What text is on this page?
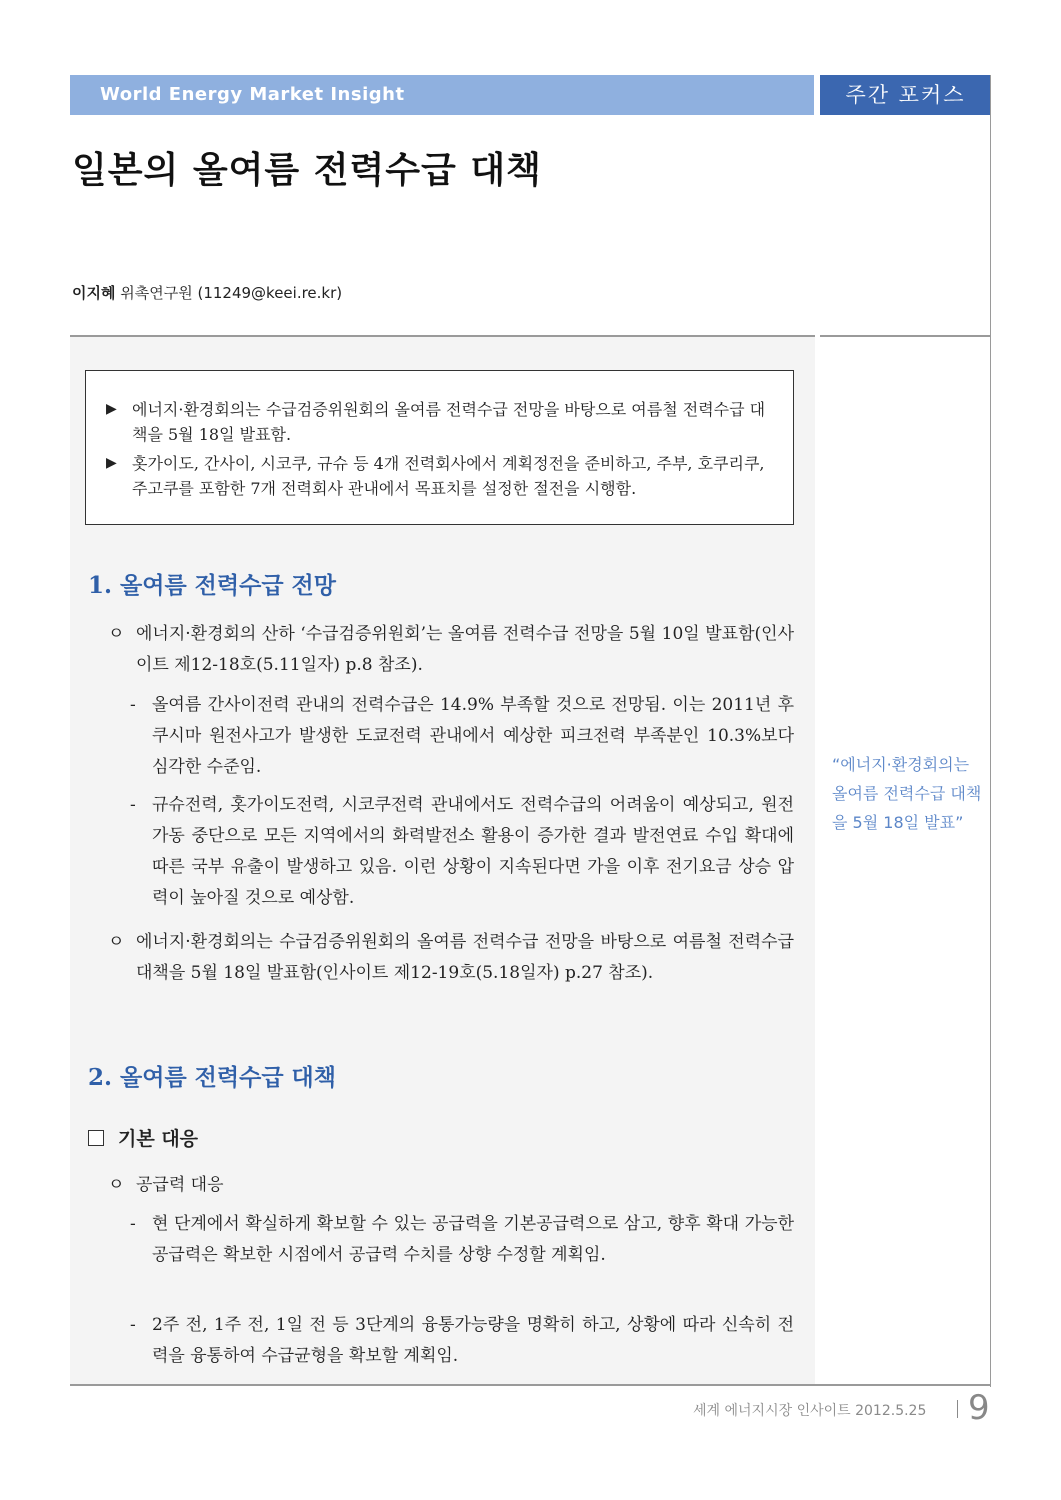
World Energy Market Insight	주간 포커스
일본의 올여름 전력수급 대책
이지혜 위촉연구원 (11249@keei.re.kr)
▶ 에너지·환경회의는 수급검증위원회의 올여름 전력수급 전망을 바탕으로 여름철 전력수급 대책을 5월 18일 발표함.
▶ 홋가이도, 간사이, 시코쿠, 규슈 등 4개 전력회사에서 계획정전을 준비하고, 주부, 호쿠리쿠, 주고쿠를 포함한 7개 전력회사 관내에서 목표치를 설정한 절전을 시행함.
1. 올여름 전력수급 전망
ㅇ 에너지·환경회의 산하 ‘수급검증위원회’는 올여름 전력수급 전망을 5월 10일 발표함(인사이트 제12-18호(5.11일자) p.8 참조).
- 올여름 간사이전력 관내의 전력수급은 14.9% 부족할 것으로 전망됨. 이는 2011년 후쿠시마 원전사고가 발생한 도쿄전력 관내에서 예상한 피크전력 부족분인 10.3%보다 심각한 수준임.
- 규슈전력, 홋가이도전력, 시코쿠전력 관내에서도 전력수급의 어려움이 예상되고, 원전 가동 중단으로 모든 지역에서의 화력발전소 활용이 증가한 결과 발전연료 수입 확대에 따른 국부 유출이 발생하고 있음. 이런 상황이 지속된다면 가을 이후 전기요금 상승 압력이 높아질 것으로 예상함.
ㅇ 에너지·환경회의는 수급검증위원회의 올여름 전력수급 전망을 바탕으로 여름철 전력수급 대책을 5월 18일 발표함(인사이트 제12-19호(5.18일자) p.27 참조).
2. 올여름 전력수급 대책
기본 대응
ㅇ 공급력 대응
- 현 단계에서 확실하게 확보할 수 있는 공급력을 기본공급력으로 삼고, 향후 확대 가능한 공급력은 확보한 시점에서 공급력 수치를 상향 수정할 계획임.
- 2주 전, 1주 전, 1일 전 등 3단계의 융통가능량을 명확히 하고, 상황에 따라 신속히 전력을 융통하여 수급균형을 확보할 계획임.
“에너지·환경회의는 올여름 전력수급 대책을 5월 18일 발표”
세계 에너지시장 인사이트 2012.5.25 9
